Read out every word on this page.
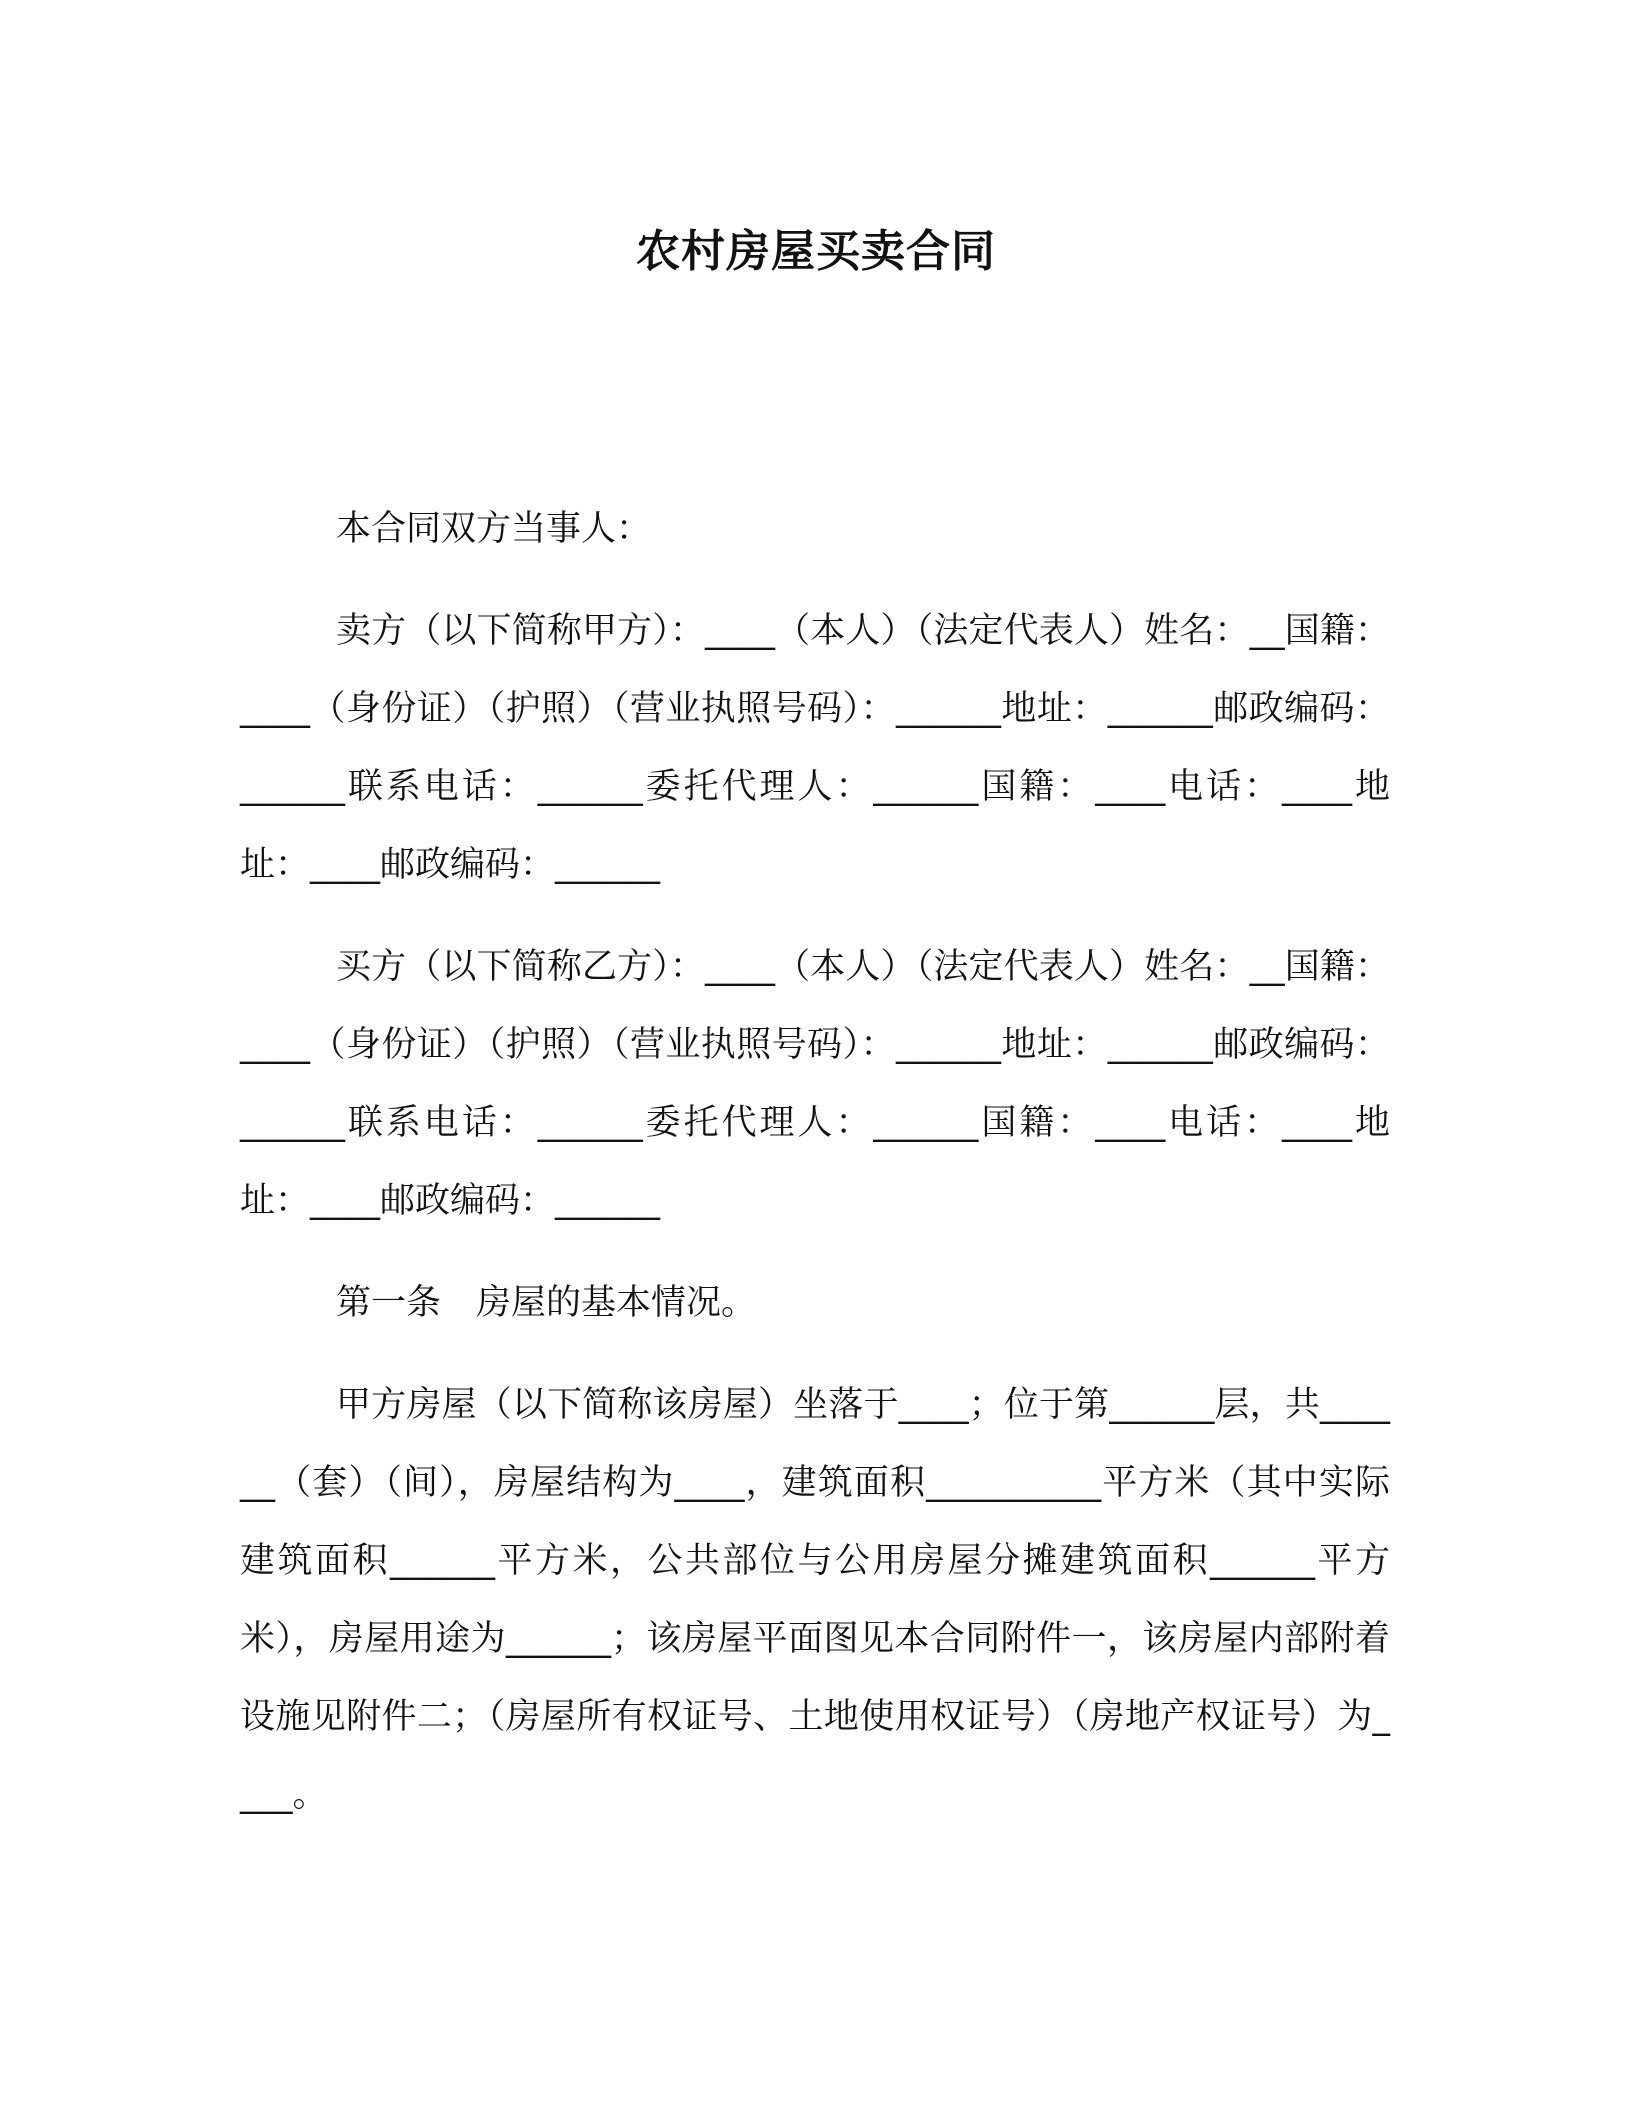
农村房屋买卖合同

本合同双方当事人：

卖方（以下简称甲方）：____（本人）（法定代表人）姓名：__国籍：____（身份证）（护照）（营业执照号码）：______地址：______邮政编码：______联系电话：______委托代理人：______国籍：____电话：____地址：____邮政编码：______

买方（以下简称乙方）：____（本人）（法定代表人）姓名：__国籍：____（身份证）（护照）（营业执照号码）：______地址：______邮政编码：______联系电话：______委托代理人：______国籍：____电话：____地址：____邮政编码：______

第一条　房屋的基本情况。

甲方房屋（以下简称该房屋）坐落于____；位于第______层，共______（套）（间），房屋结构为____，建筑面积__________平方米（其中实际建筑面积______平方米，公共部位与公用房屋分摊建筑面积______平方米），房屋用途为______；该房屋平面图见本合同附件一，该房屋内部附着设施见附件二；（房屋所有权证号、土地使用权证号）（房地产权证号）为____。
